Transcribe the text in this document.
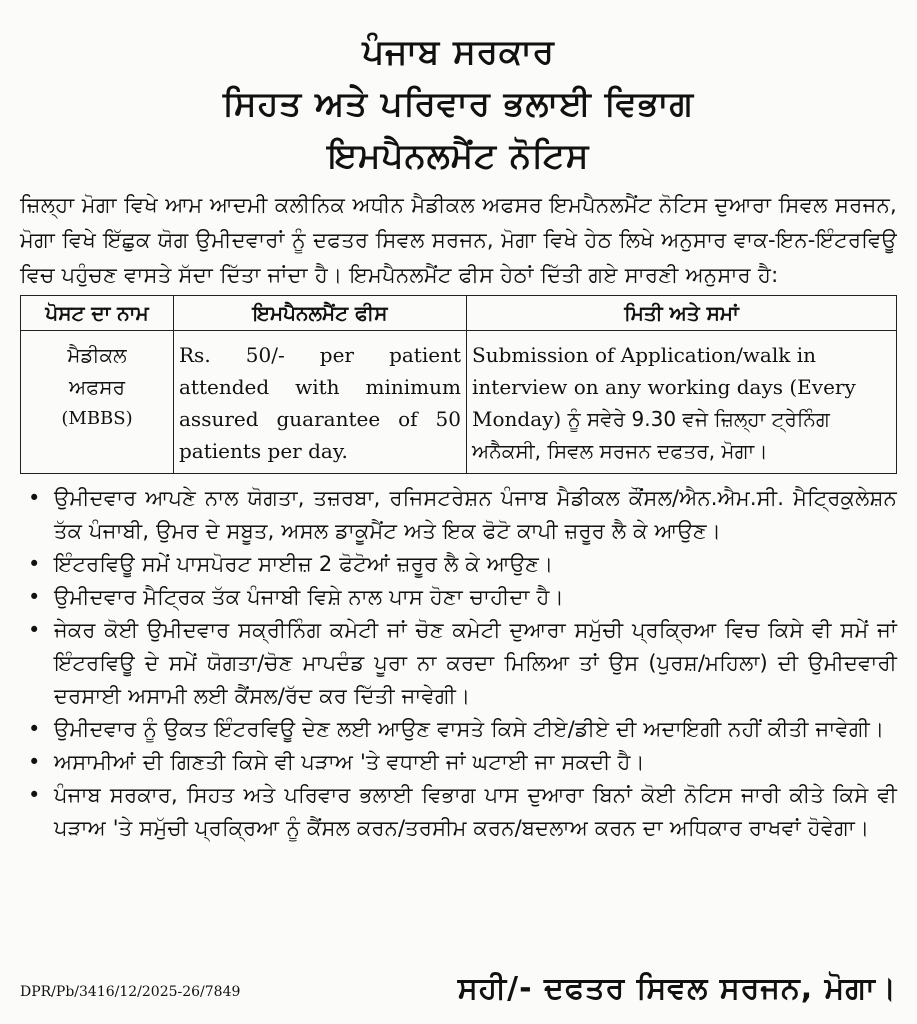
ਪੰਜਾਬ ਸਰਕਾਰ
ਸਿਹਤ ਅਤੇ ਪਰਿਵਾਰ ਭਲਾਈ ਵਿਭਾਗ
ਇਮਪੈਨਲਮੈਂਟ ਨੋਟਿਸ
ਜ਼ਿਲ੍ਹਾ ਮੋਗਾ ਵਿਖੇ ਆਮ ਆਦਮੀ ਕਲੀਨਿਕ ਅਧੀਨ ਮੈਡੀਕਲ ਅਫਸਰ ਇਮਪੈਨਲਮੈਂਟ ਨੋਟਿਸ ਦੁਆਰਾ ਸਿਵਲ ਸਰਜਨ, ਮੋਗਾ ਵਿਖੇ ਇੱਛੁਕ ਯੋਗ ਉਮੀਦਵਾਰਾਂ ਨੂੰ ਦਫਤਰ ਸਿਵਲ ਸਰਜਨ, ਮੋਗਾ ਵਿਖੇ ਹੇਠ ਲਿਖੇ ਅਨੁਸਾਰ ਵਾਕ-ਇਨ-ਇੰਟਰਵਿਊ ਵਿਚ ਪਹੁੰਚਣ ਵਾਸਤੇ ਸੱਦਾ ਦਿੱਤਾ ਜਾਂਦਾ ਹੈ। ਇਮਪੈਨਲਮੈਂਟ ਫੀਸ ਹੇਠਾਂ ਦਿੱਤੀ ਗਏ ਸਾਰਣੀ ਅਨੁਸਾਰ ਹੈ:
ਪੋਸਟ ਦਾ ਨਾਮ	ਇਮਪੈਨਲਮੈਂਟ ਫੀਸ	ਮਿਤੀ ਅਤੇ ਸਮਾਂ

ਮੈਡੀਕਲ
ਅਫਸਰ
(MBBS)	Rs. 50/- per patient attended with minimum assured guarantee of 50 patients per day.	Submission of Application/walk in interview on any working days (Every Monday) ਨੂੰ ਸਵੇਰੇ 9.30 ਵਜੇ ਜ਼ਿਲ੍ਹਾ ਟ੍ਰੇਨਿੰਗ ਅਨੈਕਸੀ, ਸਿਵਲ ਸਰਜਨ ਦਫਤਰ, ਮੋਗਾ।
• ਉਮੀਦਵਾਰ ਆਪਣੇ ਨਾਲ ਯੋਗਤਾ, ਤਜ਼ਰਬਾ, ਰਜਿਸਟਰੇਸ਼ਨ ਪੰਜਾਬ ਮੈਡੀਕਲ ਕੌਂਸਲ/ਐਨ.ਐਮ.ਸੀ. ਮੈਟ੍ਰਿਕੁਲੇਸ਼ਨ ਤੱਕ ਪੰਜਾਬੀ, ਉਮਰ ਦੇ ਸਬੂਤ, ਅਸਲ ਡਾਕੂਮੈਂਟ ਅਤੇ ਇਕ ਫੋਟੋ ਕਾਪੀ ਜ਼ਰੂਰ ਲੈ ਕੇ ਆਉਣ।
• ਇੰਟਰਵਿਊ ਸਮੇਂ ਪਾਸਪੋਰਟ ਸਾਈਜ਼ 2 ਫੋਟੋਆਂ ਜ਼ਰੂਰ ਲੈ ਕੇ ਆਉਣ।
• ਉਮੀਦਵਾਰ ਮੈਟ੍ਰਿਕ ਤੱਕ ਪੰਜਾਬੀ ਵਿਸ਼ੇ ਨਾਲ ਪਾਸ ਹੋਣਾ ਚਾਹੀਦਾ ਹੈ।
• ਜੇਕਰ ਕੋਈ ਉਮੀਦਵਾਰ ਸਕ੍ਰੀਨਿੰਗ ਕਮੇਟੀ ਜਾਂ ਚੋਣ ਕਮੇਟੀ ਦੁਆਰਾ ਸਮੁੱਚੀ ਪ੍ਰਕ੍ਰਿਆ ਵਿਚ ਕਿਸੇ ਵੀ ਸਮੇਂ ਜਾਂ ਇੰਟਰਵਿਊ ਦੇ ਸਮੇਂ ਯੋਗਤਾ/ਚੋਣ ਮਾਪਦੰਡ ਪੂਰਾ ਨਾ ਕਰਦਾ ਮਿਲਿਆ ਤਾਂ ਉਸ (ਪੁਰਸ਼/ਮਹਿਲਾ) ਦੀ ਉਮੀਦਵਾਰੀ ਦਰਸਾਈ ਅਸਾਮੀ ਲਈ ਕੈਂਸਲ/ਰੱਦ ਕਰ ਦਿੱਤੀ ਜਾਵੇਗੀ।
• ਉਮੀਦਵਾਰ ਨੂੰ ਉਕਤ ਇੰਟਰਵਿਊ ਦੇਣ ਲਈ ਆਉਣ ਵਾਸਤੇ ਕਿਸੇ ਟੀਏ/ਡੀਏ ਦੀ ਅਦਾਇਗੀ ਨਹੀਂ ਕੀਤੀ ਜਾਵੇਗੀ।
• ਅਸਾਮੀਆਂ ਦੀ ਗਿਣਤੀ ਕਿਸੇ ਵੀ ਪੜਾਅ 'ਤੇ ਵਧਾਈ ਜਾਂ ਘਟਾਈ ਜਾ ਸਕਦੀ ਹੈ।
• ਪੰਜਾਬ ਸਰਕਾਰ, ਸਿਹਤ ਅਤੇ ਪਰਿਵਾਰ ਭਲਾਈ ਵਿਭਾਗ ਪਾਸ ਦੁਆਰਾ ਬਿਨਾਂ ਕੋਈ ਨੋਟਿਸ ਜਾਰੀ ਕੀਤੇ ਕਿਸੇ ਵੀ ਪੜਾਅ 'ਤੇ ਸਮੁੱਚੀ ਪ੍ਰਕ੍ਰਿਆ ਨੂੰ ਕੈਂਸਲ ਕਰਨ/ਤਰਸੀਮ ਕਰਨ/ਬਦਲਾਅ ਕਰਨ ਦਾ ਅਧਿਕਾਰ ਰਾਖਵਾਂ ਹੋਵੇਗਾ।
DPR/Pb/3416/12/2025-26/7849	ਸਹੀ/- ਦਫਤਰ ਸਿਵਲ ਸਰਜਨ, ਮੋਗਾ।
